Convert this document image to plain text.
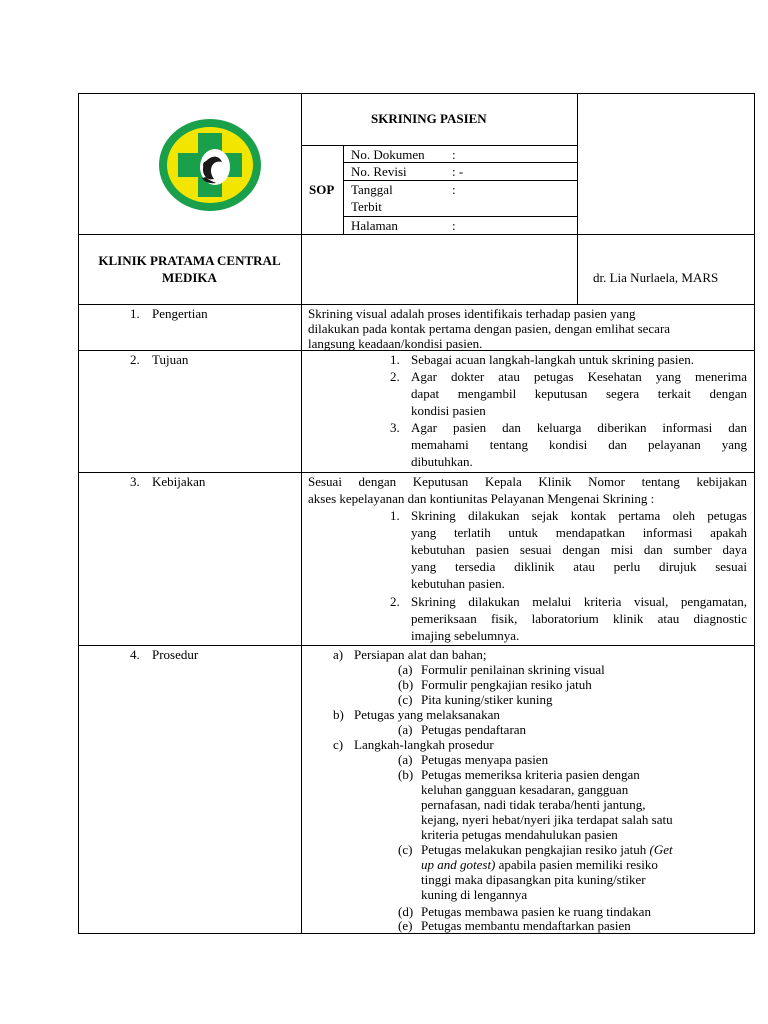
SKRINING PASIEN
SOP
No. Dokumen :
No. Revisi	: -
Tanggal	:
Terbit
Halaman	:
KLINIK PRATAMA CENTRAL
MEDIKA	dr. Lia Nurlaela, MARS
1. Pengertian	Skrining visual adalah proses identifikais terhadap pasien yang
dilakukan pada kontak pertama dengan pasien, dengan emlihat secara
langsung keadaan/kondisi pasien.
2. Tujuan	1. Sebagai acuan langkah-langkah untuk skrining pasien.
2. Agar dokter atau petugas Kesehatan yang menerima
dapat mengambil keputusan segera terkait dengan
kondisi pasien
3. Agar pasien dan keluarga diberikan informasi dan
memahami tentang kondisi dan pelayanan yang
dibutuhkan.
3. Kebijakan	Sesuai dengan Keputusan Kepala Klinik Nomor tentang kebijakan
akses kepelayanan dan kontiunitas Pelayanan Mengenai Skrining :
1. Skrining dilakukan sejak kontak pertama oleh petugas
yang terlatih untuk mendapatkan informasi apakah
kebutuhan pasien sesuai dengan misi dan sumber daya
yang tersedia diklinik atau perlu dirujuk sesuai
kebutuhan pasien.
2. Skrining dilakukan melalui kriteria visual, pengamatan,
pemeriksaan fisik, laboratorium klinik atau diagnostic
imajing sebelumnya.
4. Prosedur	a) Persiapan alat dan bahan;
(a) Formulir penilainan skrining visual
(b) Formulir pengkajian resiko jatuh
(c) Pita kuning/stiker kuning
b) Petugas yang melaksanakan
(a) Petugas pendaftaran
c) Langkah-langkah prosedur
(a) Petugas menyapa pasien
(b) Petugas memeriksa kriteria pasien dengan
keluhan gangguan kesadaran, gangguan
pernafasan, nadi tidak teraba/henti jantung,
kejang, nyeri hebat/nyeri jika terdapat salah satu
kriteria petugas mendahulukan pasien
(c) Petugas melakukan pengkajian resiko jatuh (Get
up and gotest) apabila pasien memiliki resiko
tinggi maka dipasangkan pita kuning/stiker
kuning di lengannya
(d) Petugas membawa pasien ke ruang tindakan
(e) Petugas membantu mendaftarkan pasien
